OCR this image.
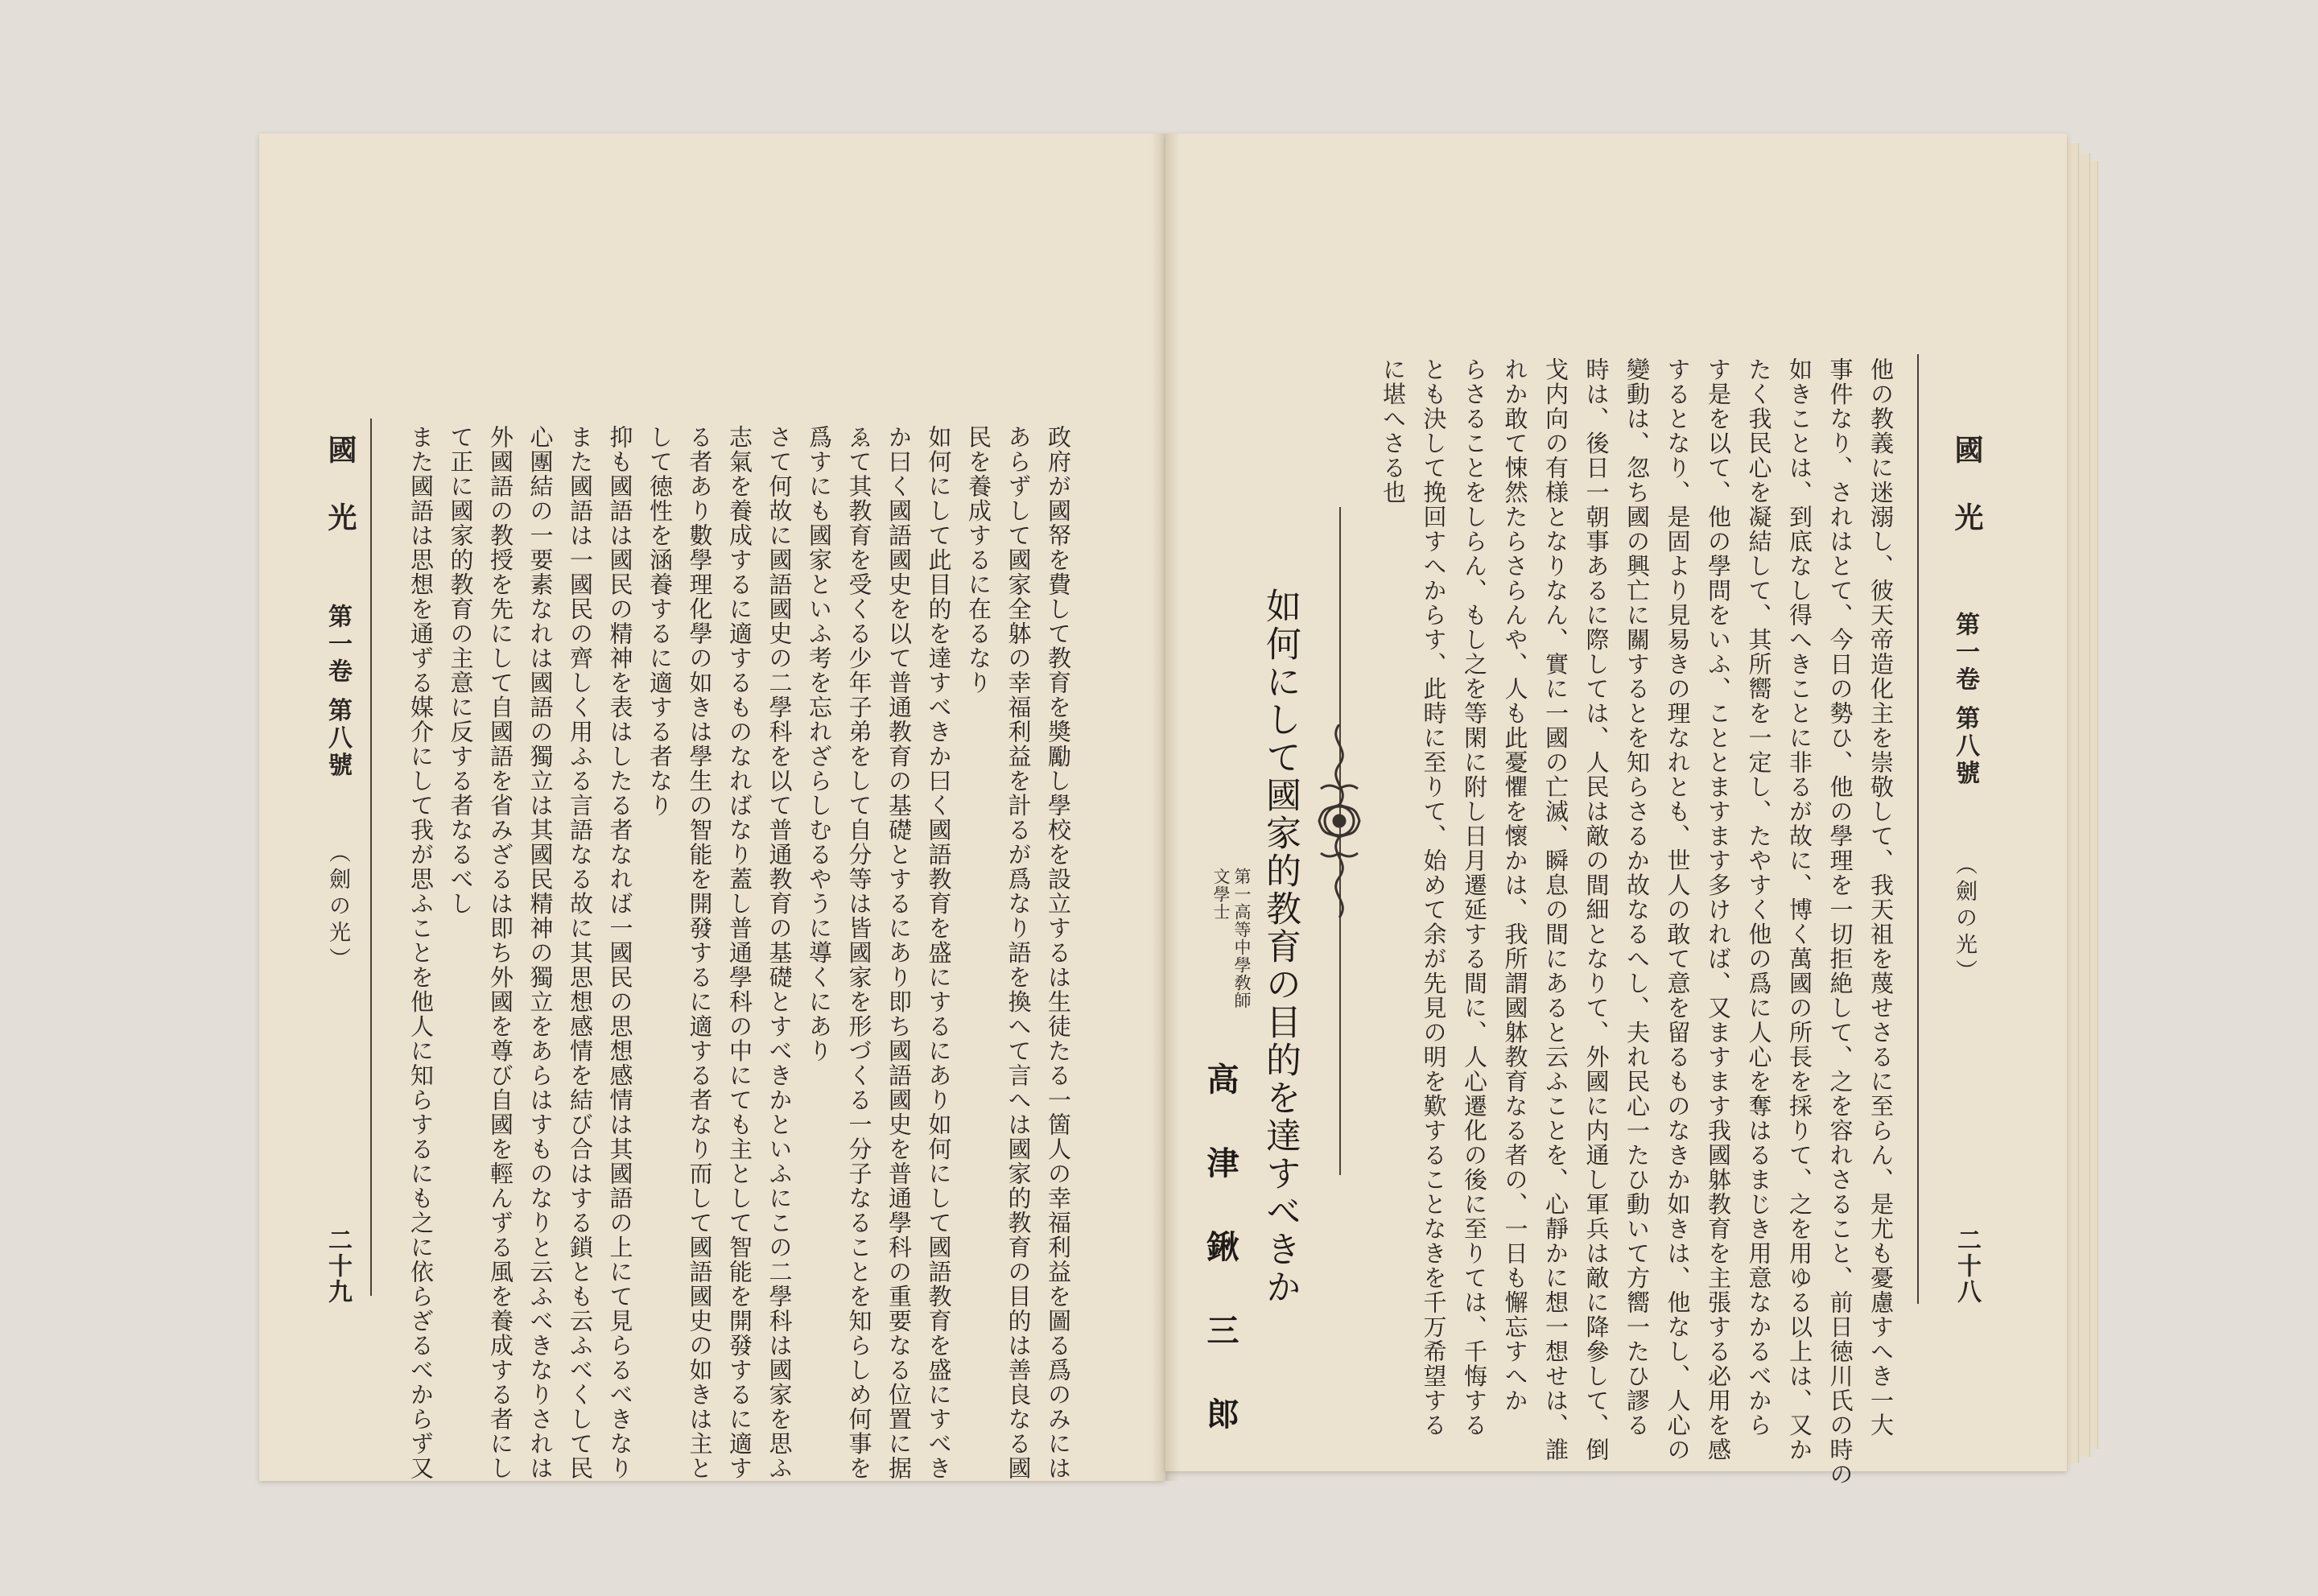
國光
第一卷 第八號
（劍の光）
二十九	政府が國帑を費して教育を奬勵し學校を設立するは生徒たる一箇人の幸福利益を圖る爲のみには
あらずして國家全躰の幸福利益を計るが爲なり語を換へて言へは國家的教育の目的は善良なる國
民を養成するに在るなり
如何にして此目的を達すべきか曰く國語教育を盛にするにあり如何にして國語教育を盛にすべき
か曰く國語國史を以て普通教育の基礎とするにあり即ち國語國史を普通學科の重要なる位置に据
ゑて其教育を受くる少年子弟をして自分等は皆國家を形づくる一分子なることを知らしめ何事を
爲すにも國家といふ考を忘れざらしむるやうに導くにあり
さて何故に國語國史の二學科を以て普通教育の基礎とすべきかといふにこの二學科は國家を思ふ
志氣を養成するに適するものなればなり蓋し普通學科の中にても主として智能を開發するに適す
る者あり數學理化學の如きは學生の智能を開發するに適する者なり而して國語國史の如きは主と
して徳性を涵養するに適する者なり
抑も國語は國民の精神を表はしたる者なれば一國民の思想感情は其國語の上にて見らるべきなり
また國語は一國民の齊しく用ふる言語なる故に其思想感情を結び合はする鎖とも云ふべくして民
心團結の一要素なれは國語の獨立は其國民精神の獨立をあらはすものなりと云ふべきなりされは
外國語の教授を先にして自國語を省みざるは即ち外國を尊び自國を輕んずる風を養成する者にし
て正に國家的教育の主意に反する者なるべし
また國語は思想を通ずる媒介にして我が思ふことを他人に知らするにも之に依らざるべからず又	國光
第一卷 第八號
（劍の光）
二十八
他の教義に迷溺し、彼天帝造化主を崇敬して、我天祖を蔑せさるに至らん、是尤も憂慮すへき一大
事件なり、されはとて、今日の勢ひ、他の學理を一切拒絶して、之を容れさること、前日徳川氏の時の
如きことは、到底なし得へきことに非るが故に、博く萬國の所長を採りて、之を用ゆる以上は、又か
たく我民心を凝結して、其所嚮を一定し、たやすく他の爲に人心を奪はるまじき用意なかるべから
す是を以て、他の學問をいふ、こととますます多ければ、又ますます我國躰教育を主張する必用を感
するとなり、是固より見易きの理なれとも、世人の敢て意を留るものなきか如きは、他なし、人心の
變動は、忽ち國の興亡に關するとを知らさるか故なるへし、夫れ民心一たひ動いて方嚮一たひ謬る
時は、後日一朝事あるに際しては、人民は敵の間細となりて、外國に内通し軍兵は敵に降參して、倒
戈内向の有様となりなん、實に一國の亡滅、瞬息の間にあると云ふことを、心靜かに想一想せは、誰
れか敢て悚然たらさらんや、人も此憂懼を懷かは、我所謂國躰教育なる者の、一日も懈忘すへか
らさることをしらん、もし之を等閑に附し日月遷延する間に、人心遷化の後に至りては、千悔する
とも決して挽回すへからす、此時に至りて、始めて余が先見の明を歎することなきを千万希望する
に堪へさる也
如何にして國家的教育の目的を達すべきか
第一高等中學敎師
文學士
高津鍬三郎
